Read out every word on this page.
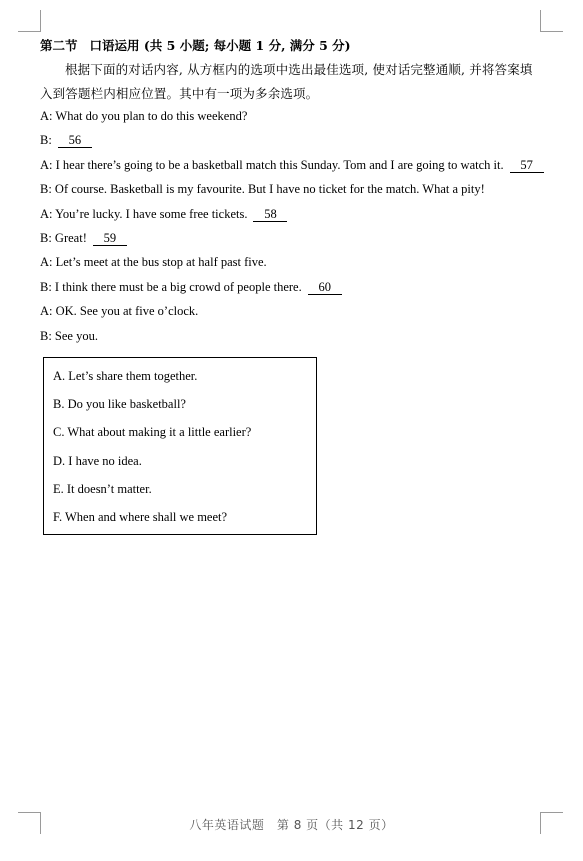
第二节 口语运用 (共 5 小题; 每小题 1 分, 满分 5 分)
根据下面的对话内容, 从方框内的选项中选出最佳选项, 使对话完整通顺, 并将答案填入到答题栏内相应位置。其中有一项为多余选项。
A: What do you plan to do this weekend?
B: 56
A: I hear there’s going to be a basketball match this Sunday. Tom and I are going to watch it. 57
B: Of course. Basketball is my favourite. But I have no ticket for the match. What a pity!
A: You’re lucky. I have some free tickets. 58
B: Great! 59
A: Let’s meet at the bus stop at half past five.
B: I think there must be a big crowd of people there. 60
A: OK. See you at five o’clock.
B: See you.
A. Let’s share them together.
B. Do you like basketball?
C. What about making it a little earlier?
D. I have no idea.
E. It doesn’t matter.
F. When and where shall we meet?
八年英语试题　第 8 页（共 12 页）
